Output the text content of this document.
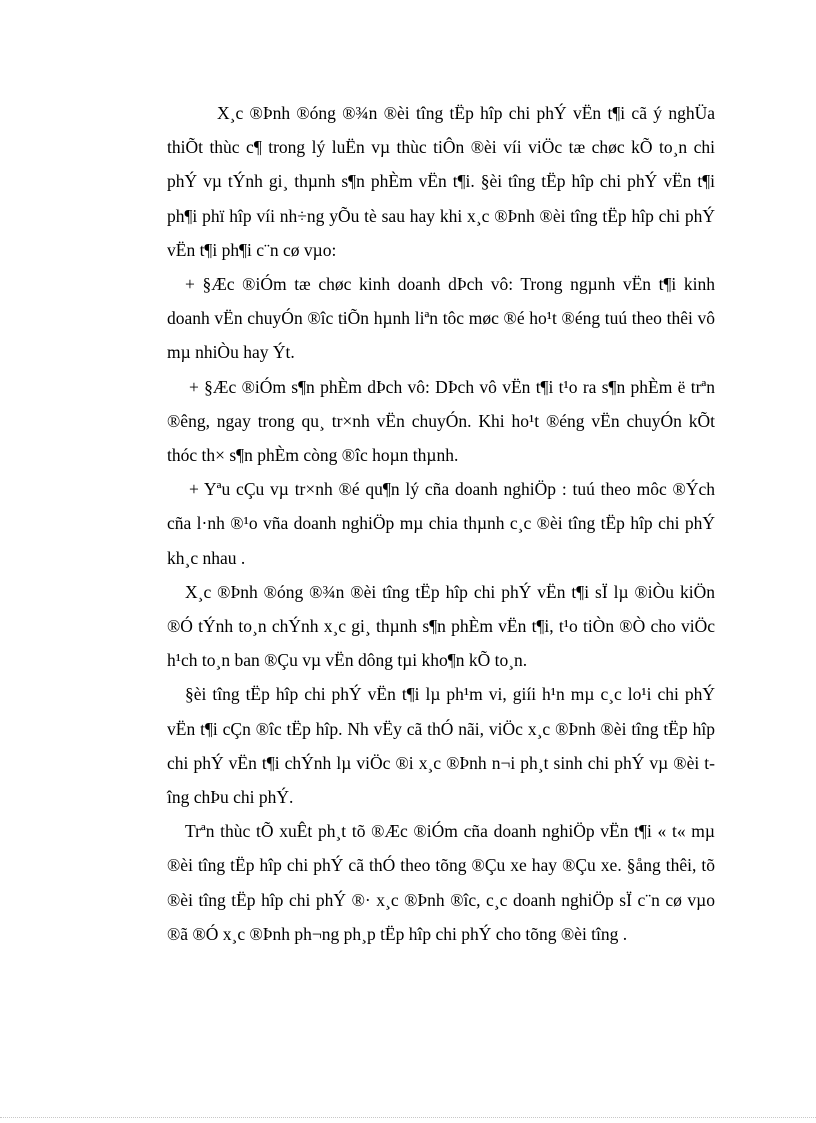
X¸c ®Þnh ®óng ®¾n ®èi tîng tËp hîp chi phÝ vËn t¶i cã ý nghÜa thiÕt thùc c¶ trong lý luËn vµ thùc tiÔn ®èi víi viÖc tæ chøc kÕ to¸n chi phÝ vµ tÝnh gi¸ thµnh s¶n phÈm vËn t¶i. §èi tîng tËp hîp chi phÝ vËn t¶i ph¶i phï hîp víi nh÷ng yÕu tè sau hay khi x¸c ®Þnh ®èi tîng tËp hîp chi phÝ vËn t¶i ph¶i c¨n cø vµo:

+ §Æc ®iÓm tæ chøc kinh doanh dÞch vô: Trong ngµnh vËn t¶i kinh doanh vËn chuyÓn ®îc tiÕn hµnh liªn tôc møc ®é ho¹t ®éng tuú theo thêi vô mµ nhiÒu hay Ýt.

+ §Æc ®iÓm s¶n phÈm dÞch vô: DÞch vô vËn t¶i t¹o ra s¶n phÈm ë trªn ®êng, ngay trong qu¸ tr×nh vËn chuyÓn. Khi ho¹t ®éng vËn chuyÓn kÕt thóc th× s¶n phÈm còng ®îc hoµn thµnh.

+ Yªu cÇu vµ tr×nh ®é qu¶n lý cña doanh nghiÖp : tuú theo môc ®Ých cña l·nh ®¹o vña doanh nghiÖp mµ chia thµnh c¸c ®èi tîng tËp hîp chi phÝ kh¸c nhau .

X¸c ®Þnh ®óng ®¾n ®èi tîng tËp hîp chi phÝ vËn t¶i sÏ lµ ®iÒu kiÖn ®Ó tÝnh to¸n chÝnh x¸c gi¸ thµnh s¶n phÈm vËn t¶i, t¹o tiÒn ®Ò cho viÖc h¹ch to¸n ban ®Çu vµ vËn dông tµi kho¶n kÕ to¸n.

§èi tîng tËp hîp chi phÝ vËn t¶i lµ ph¹m vi, giíi h¹n mµ c¸c lo¹i chi phÝ vËn t¶i cÇn ®îc tËp hîp. Nh vËy cã thÓ nãi, viÖc x¸c ®Þnh ®èi tîng tËp hîp chi phÝ vËn t¶i chÝnh lµ viÖc ®i x¸c ®Þnh n¬i ph¸t sinh chi phÝ vµ ®èi tîng chÞu chi phÝ.

Trªn thùc tÕ xuÊt ph¸t tõ ®Æc ®iÓm cña doanh nghiÖp vËn t¶i « t« mµ ®èi tîng tËp hîp chi phÝ cã thÓ theo tõng ®Çu xe hay ®Çu xe. §ång thêi, tõ ®èi tîng tËp hîp chi phÝ ®· x¸c ®Þnh ®îc, c¸c doanh nghiÖp sÏ c¨n cø vµo ®ã ®Ó x¸c ®Þnh ph¬ng ph¸p tËp hîp chi phÝ cho tõng ®èi tîng .
